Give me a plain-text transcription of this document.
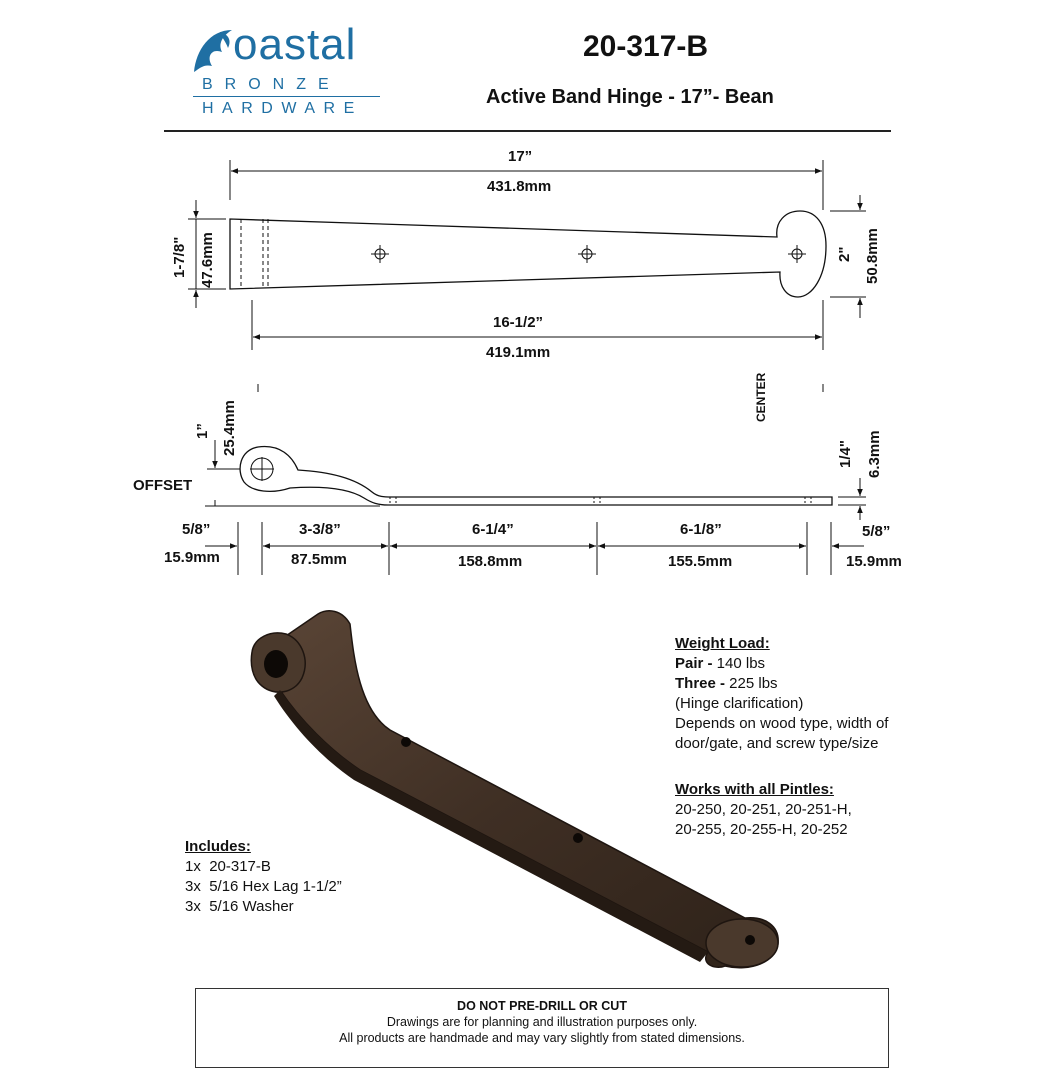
oastal
BRONZE
HARDWARE
20-317-B
Active Band Hinge - 17”- Bean
17”
431.8mm
1-7/8" 47.6mm	2" 50.8mm
16-1/2”
419.1mm
CENTER
1” 25.4mm
OFFSET
1/4" 6.3mm
5/8”
15.9mm
3-3/8”
87.5mm
6-1/4”
158.8mm
6-1/8”
155.5mm
5/8”
15.9mm
Weight Load:
Pair - 140 lbs
Three - 225 lbs
(Hinge clarification)
Depends on wood type, width of
door/gate, and screw type/size
Works with all Pintles:
20-250, 20-251, 20-251-H,
20-255, 20-255-H, 20-252
Includes:
1x 20-317-B
3x 5/16 Hex Lag 1-1/2”
3x 5/16 Washer
DO NOT PRE-DRILL OR CUT
Drawings are for planning and illustration purposes only.
All products are handmade and may vary slightly from stated dimensions.
